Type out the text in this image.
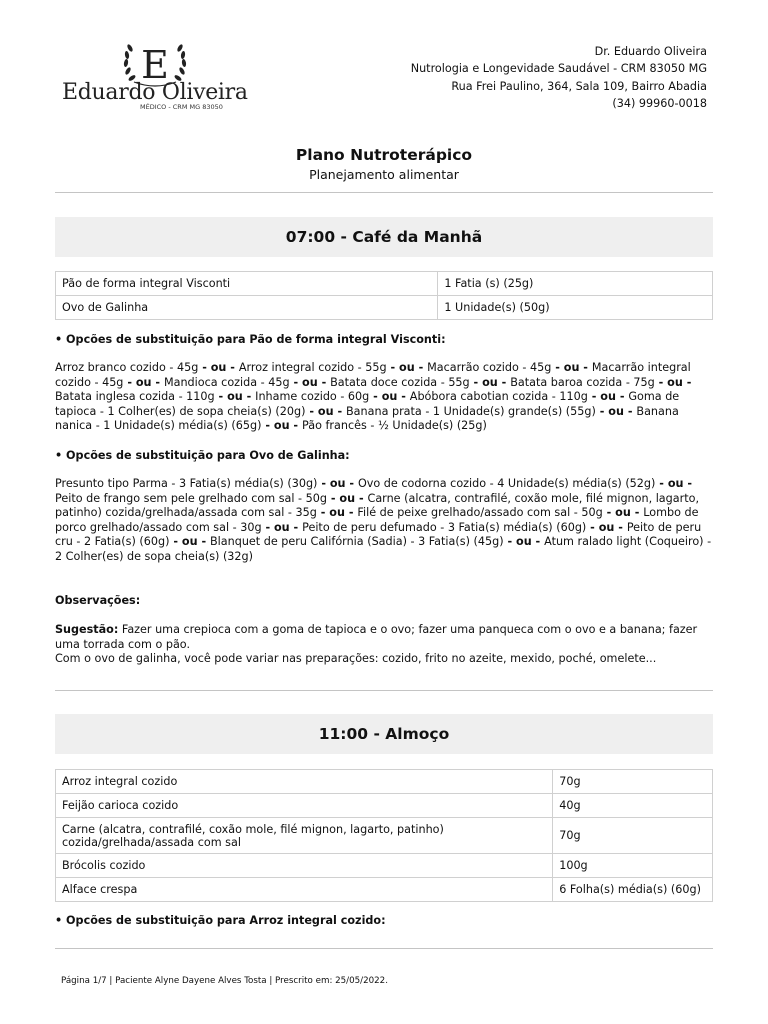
E
Eduardo Oliveira
MÉDICO - CRM MG 83050
Dr. Eduardo Oliveira
Nutrologia e Longevidade Saudável - CRM 83050 MG
Rua Frei Paulino, 364, Sala 109, Bairro Abadia
(34) 99960-0018
Plano Nutroterápico
Planejamento alimentar
07:00 - Café da Manhã
Pão de forma integral Visconti	1 Fatia (s) (25g)
Ovo de Galinha	1 Unidade(s) (50g)
• Opcões de substituição para Pão de forma integral Visconti:
Arroz branco cozido - 45g - ou - Arroz integral cozido - 55g - ou - Macarrão cozido - 45g - ou - Macarrão integral cozido - 45g - ou - Mandioca cozida - 45g - ou - Batata doce cozida - 55g - ou - Batata baroa cozida - 75g - ou - Batata inglesa cozida - 110g - ou - Inhame cozido - 60g - ou - Abóbora cabotian cozida - 110g - ou - Goma de tapioca - 1 Colher(es) de sopa cheia(s) (20g) - ou - Banana prata - 1 Unidade(s) grande(s) (55g) - ou - Banana nanica - 1 Unidade(s) média(s) (65g) - ou - Pão francês - ½ Unidade(s) (25g)
• Opcões de substituição para Ovo de Galinha:
Presunto tipo Parma - 3 Fatia(s) média(s) (30g) - ou - Ovo de codorna cozido - 4 Unidade(s) média(s) (52g) - ou - Peito de frango sem pele grelhado com sal - 50g - ou - Carne (alcatra, contrafilé, coxão mole, filé mignon, lagarto, patinho) cozida/grelhada/assada com sal - 35g - ou - Filé de peixe grelhado/assado com sal - 50g - ou - Lombo de porco grelhado/assado com sal - 30g - ou - Peito de peru defumado - 3 Fatia(s) média(s) (60g) - ou - Peito de peru cru - 2 Fatia(s) (60g) - ou - Blanquet de peru Califórnia (Sadia) - 3 Fatia(s) (45g) - ou - Atum ralado light (Coqueiro) - 2 Colher(es) de sopa cheia(s) (32g)
Observações:
Sugestão: Fazer uma crepioca com a goma de tapioca e o ovo; fazer uma panqueca com o ovo e a banana; fazer uma torrada com o pão.
Com o ovo de galinha, você pode variar nas preparações: cozido, frito no azeite, mexido, poché, omelete...
11:00 - Almoço
Arroz integral cozido	70g
Feijão carioca cozido	40g
Carne (alcatra, contrafilé, coxão mole, filé mignon, lagarto, patinho) cozida/grelhada/assada com sal	70g
Brócolis cozido	100g
Alface crespa	6 Folha(s) média(s) (60g)
• Opcões de substituição para Arroz integral cozido:
Página 1/7 | Paciente Alyne Dayene Alves Tosta | Prescrito em: 25/05/2022.
